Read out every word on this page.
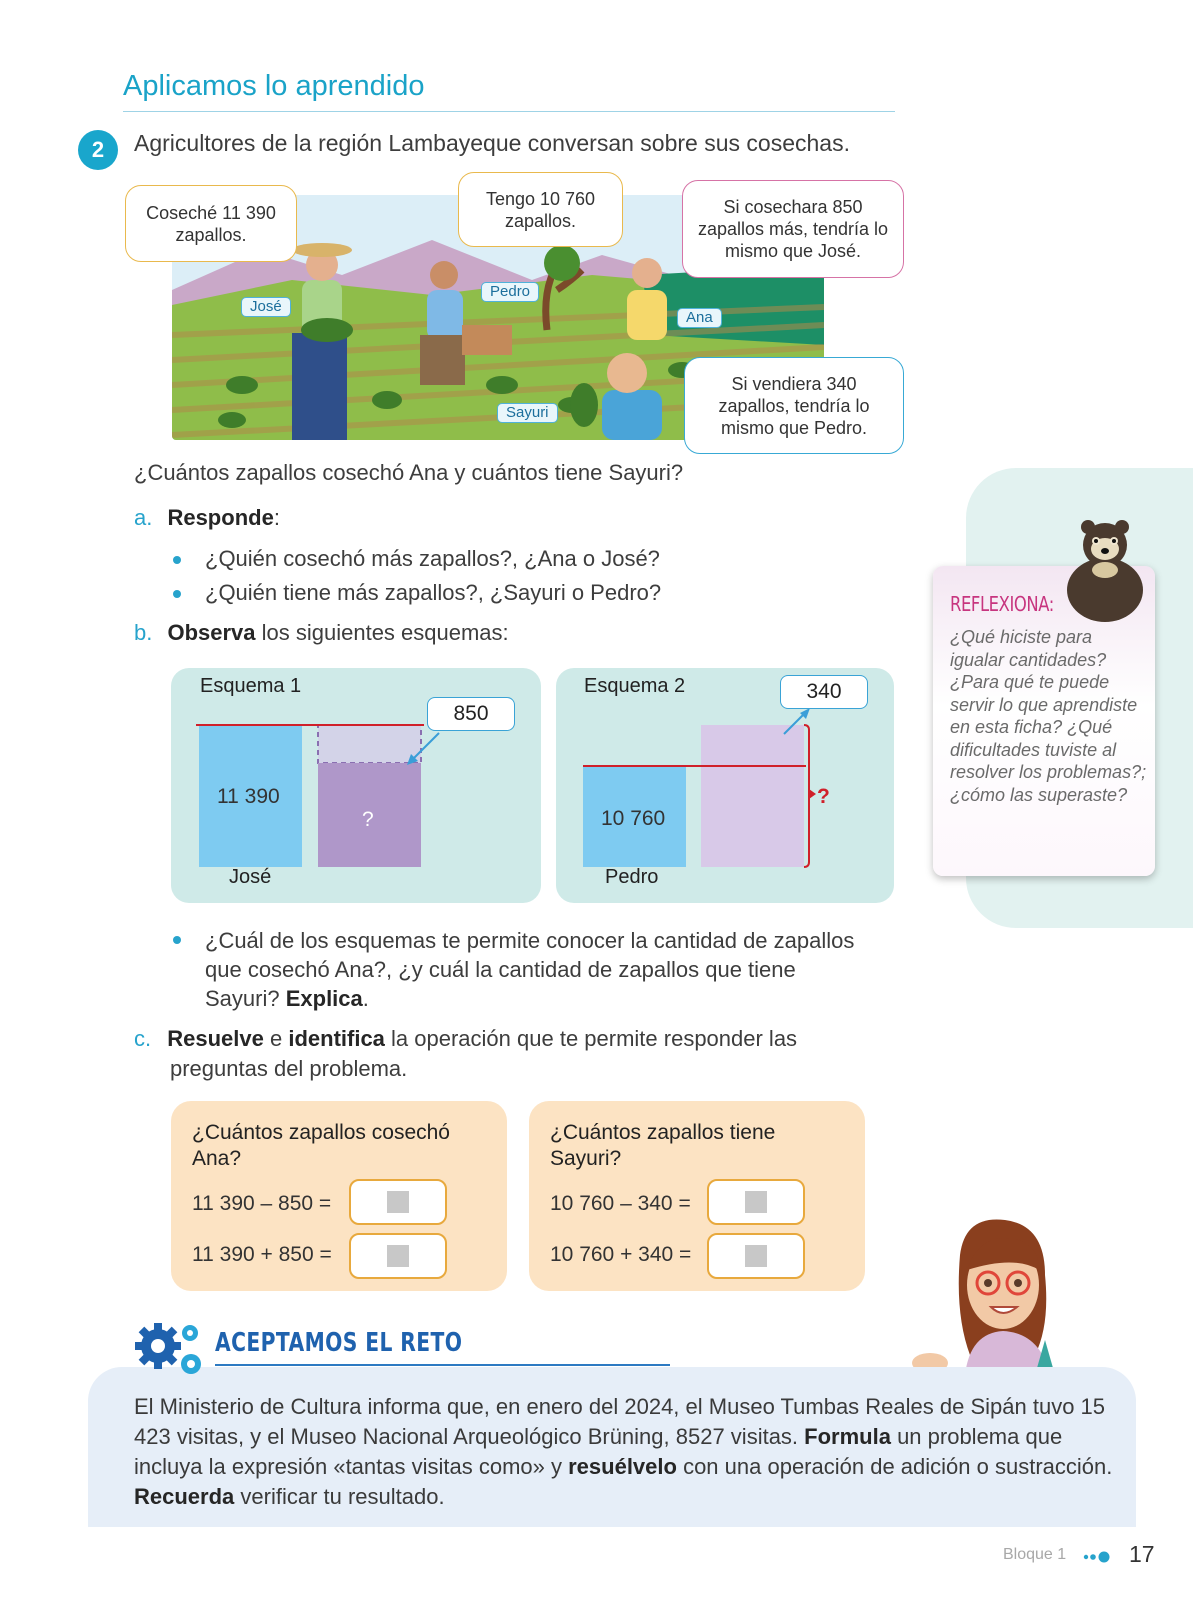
Aplicamos lo aprendido
2	Agricultores de la región Lambayeque conversan sobre sus cosechas.
José
Pedro
Ana
Sayuri
Coseché 11 390 zapallos.
Tengo 10 760 zapallos.
Si cosechara 850 zapallos más, tendría lo mismo que José.
Si vendiera 340 zapallos, tendría lo mismo que Pedro.
¿Cuántos zapallos cosechó Ana y cuántos tiene Sayuri?
a. Responde:
¿Quién cosechó más zapallos?, ¿Ana o José?
¿Quién tiene más zapallos?, ¿Sayuri o Pedro?
b. Observa los siguientes esquemas:
Esquema 1
850
11 390
?
José
Esquema 2	340
10 760
?
Pedro
¿Cuál de los esquemas te permite conocer la cantidad de zapallos
que cosechó Ana?, ¿y cuál la cantidad de zapallos que tiene
Sayuri? Explica.
c. Resuelve e identifica la operación que te permite responder las
preguntas del problema.
¿Cuántos zapallos cosechó
Ana?
11 390 – 850 =
11 390 + 850 =
¿Cuántos zapallos tiene
Sayuri?
10 760 – 340 =
10 760 + 340 =
REFLEXIONA:
¿Qué hiciste para igualar cantidades? ¿Para qué te puede servir lo que aprendiste en esta ficha? ¿Qué dificultades tuviste al resolver los problemas?; ¿cómo las superaste?
ACEPTAMOS EL RETO
El Ministerio de Cultura informa que, en enero del 2024, el Museo Tumbas Reales de Sipán tuvo 15 423 visitas, y el Museo Nacional Arqueológico Brüning, 8527 visitas. Formula un problema que incluya la expresión «tantas visitas como» y resuélvelo con una operación de adición o sustracción. Recuerda verificar tu resultado.
Bloque 1	17
